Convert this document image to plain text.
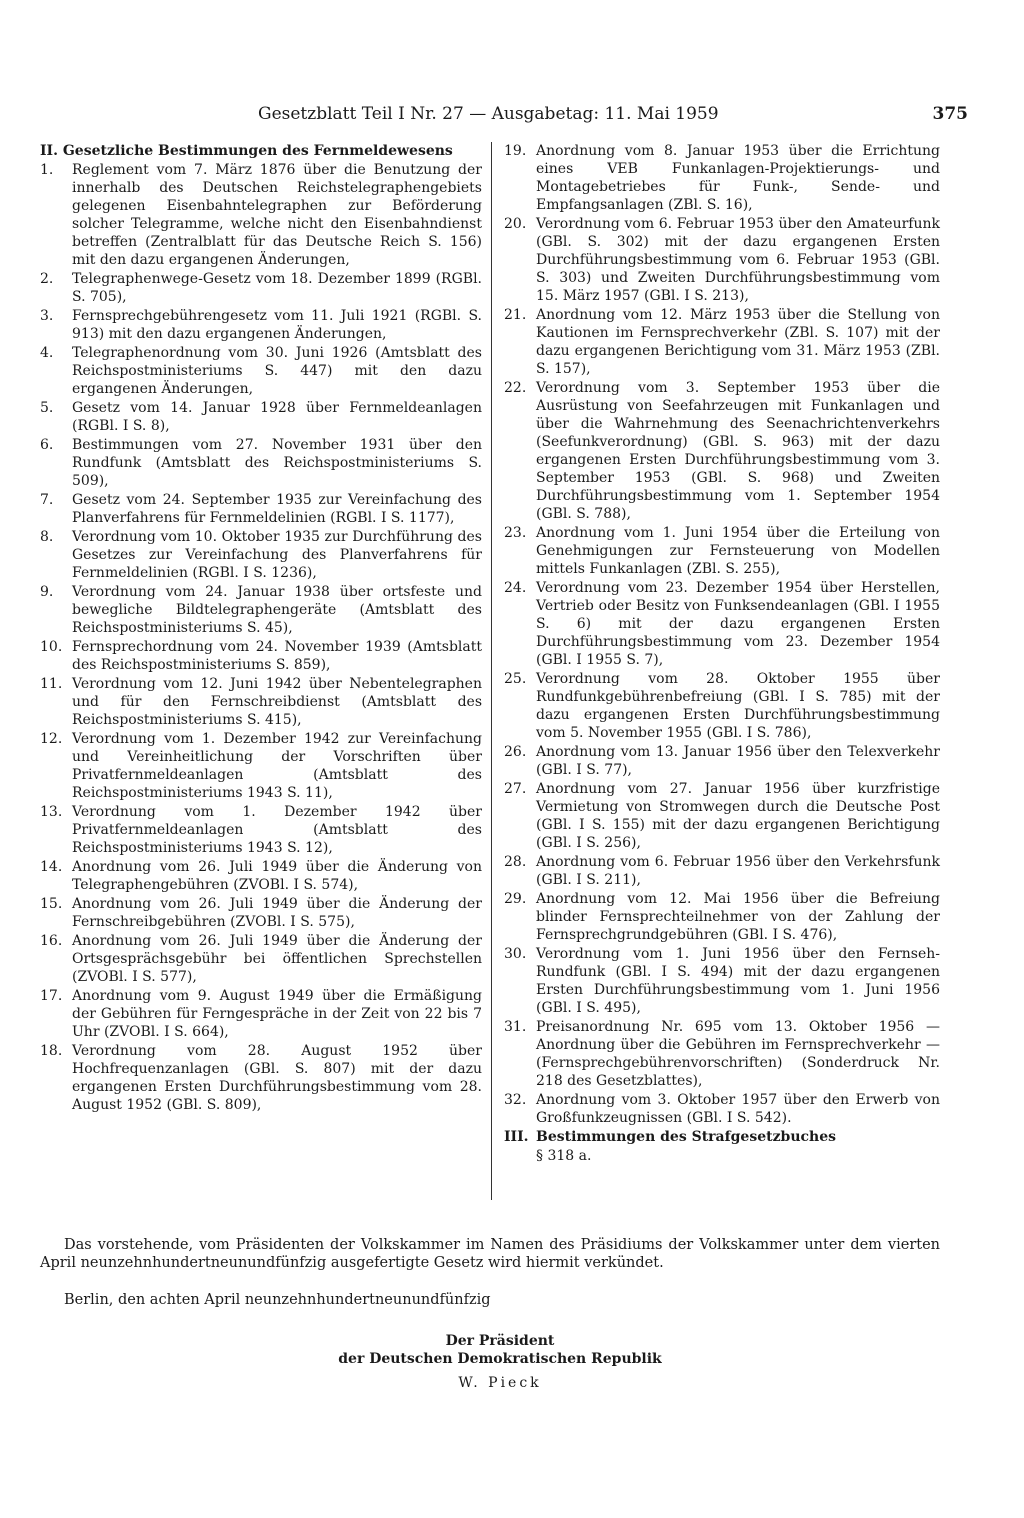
Gesetzblatt Teil I Nr. 27 — Ausgabetag: 11. Mai 1959	375
II. Gesetzliche Bestimmungen des Fernmeldewesens
1.	Reglement vom 7. März 1876 über die Benutzung der innerhalb des Deutschen Reichstelegraphengebiets gelegenen Eisenbahntelegraphen zur Beförderung solcher Telegramme, welche nicht den Eisenbahndienst betreffen (Zentralblatt für das Deutsche Reich S. 156) mit den dazu ergangenen Änderungen,
2.	Telegraphenwege-Gesetz vom 18. Dezember 1899 (RGBl. S. 705),
3.	Fernsprechgebührengesetz vom 11. Juli 1921 (RGBl. S. 913) mit den dazu ergangenen Änderungen,
4.	Telegraphenordnung vom 30. Juni 1926 (Amtsblatt des Reichspostministeriums S. 447) mit den dazu ergangenen Änderungen,
5.	Gesetz vom 14. Januar 1928 über Fernmeldeanlagen (RGBl. I S. 8),
6.	Bestimmungen vom 27. November 1931 über den Rundfunk (Amtsblatt des Reichspostministeriums S. 509),
7.	Gesetz vom 24. September 1935 zur Vereinfachung des Planverfahrens für Fernmeldelinien (RGBl. I S. 1177),
8.	Verordnung vom 10. Oktober 1935 zur Durchführung des Gesetzes zur Vereinfachung des Planverfahrens für Fernmeldelinien (RGBl. I S. 1236),
9.	Verordnung vom 24. Januar 1938 über ortsfeste und bewegliche Bildtelegraphengeräte (Amtsblatt des Reichspostministeriums S. 45),
10. Fernsprechordnung vom 24. November 1939 (Amtsblatt des Reichspostministeriums S. 859),
11. Verordnung vom 12. Juni 1942 über Nebentelegraphen und für den Fernschreibdienst (Amtsblatt des Reichspostministeriums S. 415),
12. Verordnung vom 1. Dezember 1942 zur Vereinfachung und Vereinheitlichung der Vorschriften über Privatfernmeldeanlagen (Amtsblatt des Reichspostministeriums 1943 S. 11),
13. Verordnung vom 1. Dezember 1942 über Privatfernmeldeanlagen (Amtsblatt des Reichspostministeriums 1943 S. 12),
14. Anordnung vom 26. Juli 1949 über die Änderung von Telegraphengebühren (ZVOBl. I S. 574),
15. Anordnung vom 26. Juli 1949 über die Änderung der Fernschreibgebühren (ZVOBl. I S. 575),
16. Anordnung vom 26. Juli 1949 über die Änderung der Ortsgesprächsgebühr bei öffentlichen Sprechstellen (ZVOBl. I S. 577),
17. Anordnung vom 9. August 1949 über die Ermäßigung der Gebühren für Ferngespräche in der Zeit von 22 bis 7 Uhr (ZVOBl. I S. 664),
18. Verordnung vom 28. August 1952 über Hochfrequenzanlagen (GBl. S. 807) mit der dazu ergangenen Ersten Durchführungsbestimmung vom 28. August 1952 (GBl. S. 809),
19. Anordnung vom 8. Januar 1953 über die Errichtung eines VEB Funkanlagen-Projektierungs- und Montagebetriebes für Funk-, Sende- und Empfangsanlagen (ZBl. S. 16),
20. Verordnung vom 6. Februar 1953 über den Amateurfunk (GBl. S. 302) mit der dazu ergangenen Ersten Durchführungsbestimmung vom 6. Februar 1953 (GBl. S. 303) und Zweiten Durchführungsbestimmung vom 15. März 1957 (GBl. I S. 213),
21. Anordnung vom 12. März 1953 über die Stellung von Kautionen im Fernsprechverkehr (ZBl. S. 107) mit der dazu ergangenen Berichtigung vom 31. März 1953 (ZBl. S. 157),
22. Verordnung vom 3. September 1953 über die Ausrüstung von Seefahrzeugen mit Funkanlagen und über die Wahrnehmung des Seenachrichtenverkehrs (Seefunkverordnung) (GBl. S. 963) mit der dazu ergangenen Ersten Durchführungsbestimmung vom 3. September 1953 (GBl. S. 968) und Zweiten Durchführungsbestimmung vom 1. September 1954 (GBl. S. 788),
23. Anordnung vom 1. Juni 1954 über die Erteilung von Genehmigungen zur Fernsteuerung von Modellen mittels Funkanlagen (ZBl. S. 255),
24. Verordnung vom 23. Dezember 1954 über Herstellen, Vertrieb oder Besitz von Funksendeanlagen (GBl. I 1955 S. 6) mit der dazu ergangenen Ersten Durchführungsbestimmung vom 23. Dezember 1954 (GBl. I 1955 S. 7),
25. Verordnung vom 28. Oktober 1955 über Rundfunkgebührenbefreiung (GBl. I S. 785) mit der dazu ergangenen Ersten Durchführungsbestimmung vom 5. November 1955 (GBl. I S. 786),
26. Anordnung vom 13. Januar 1956 über den Telexverkehr (GBl. I S. 77),
27. Anordnung vom 27. Januar 1956 über kurzfristige Vermietung von Stromwegen durch die Deutsche Post (GBl. I S. 155) mit der dazu ergangenen Berichtigung (GBl. I S. 256),
28. Anordnung vom 6. Februar 1956 über den Verkehrsfunk (GBl. I S. 211),
29. Anordnung vom 12. Mai 1956 über die Befreiung blinder Fernsprechteilnehmer von der Zahlung der Fernsprechgrundgebühren (GBl. I S. 476),
30. Verordnung vom 1. Juni 1956 über den Fernseh-Rundfunk (GBl. I S. 494) mit der dazu ergangenen Ersten Durchführungsbestimmung vom 1. Juni 1956 (GBl. I S. 495),
31. Preisanordnung Nr. 695 vom 13. Oktober 1956 — Anordnung über die Gebühren im Fernsprechverkehr — (Fernsprechgebührenvorschriften) (Sonderdruck Nr. 218 des Gesetzblattes),
32. Anordnung vom 3. Oktober 1957 über den Erwerb von Großfunkzeugnissen (GBl. I S. 542).
III. Bestimmungen des Strafgesetzbuches
§ 318 a.

Das vorstehende, vom Präsidenten der Volkskammer im Namen des Präsidiums der Volkskammer unter dem vierten April neunzehnhundertneunundfünfzig ausgefertigte Gesetz wird hiermit verkündet.

Berlin, den achten April neunzehnhundertneunundfünfzig
Der Präsident
der Deutschen Demokratischen Republik
W. Pieck
